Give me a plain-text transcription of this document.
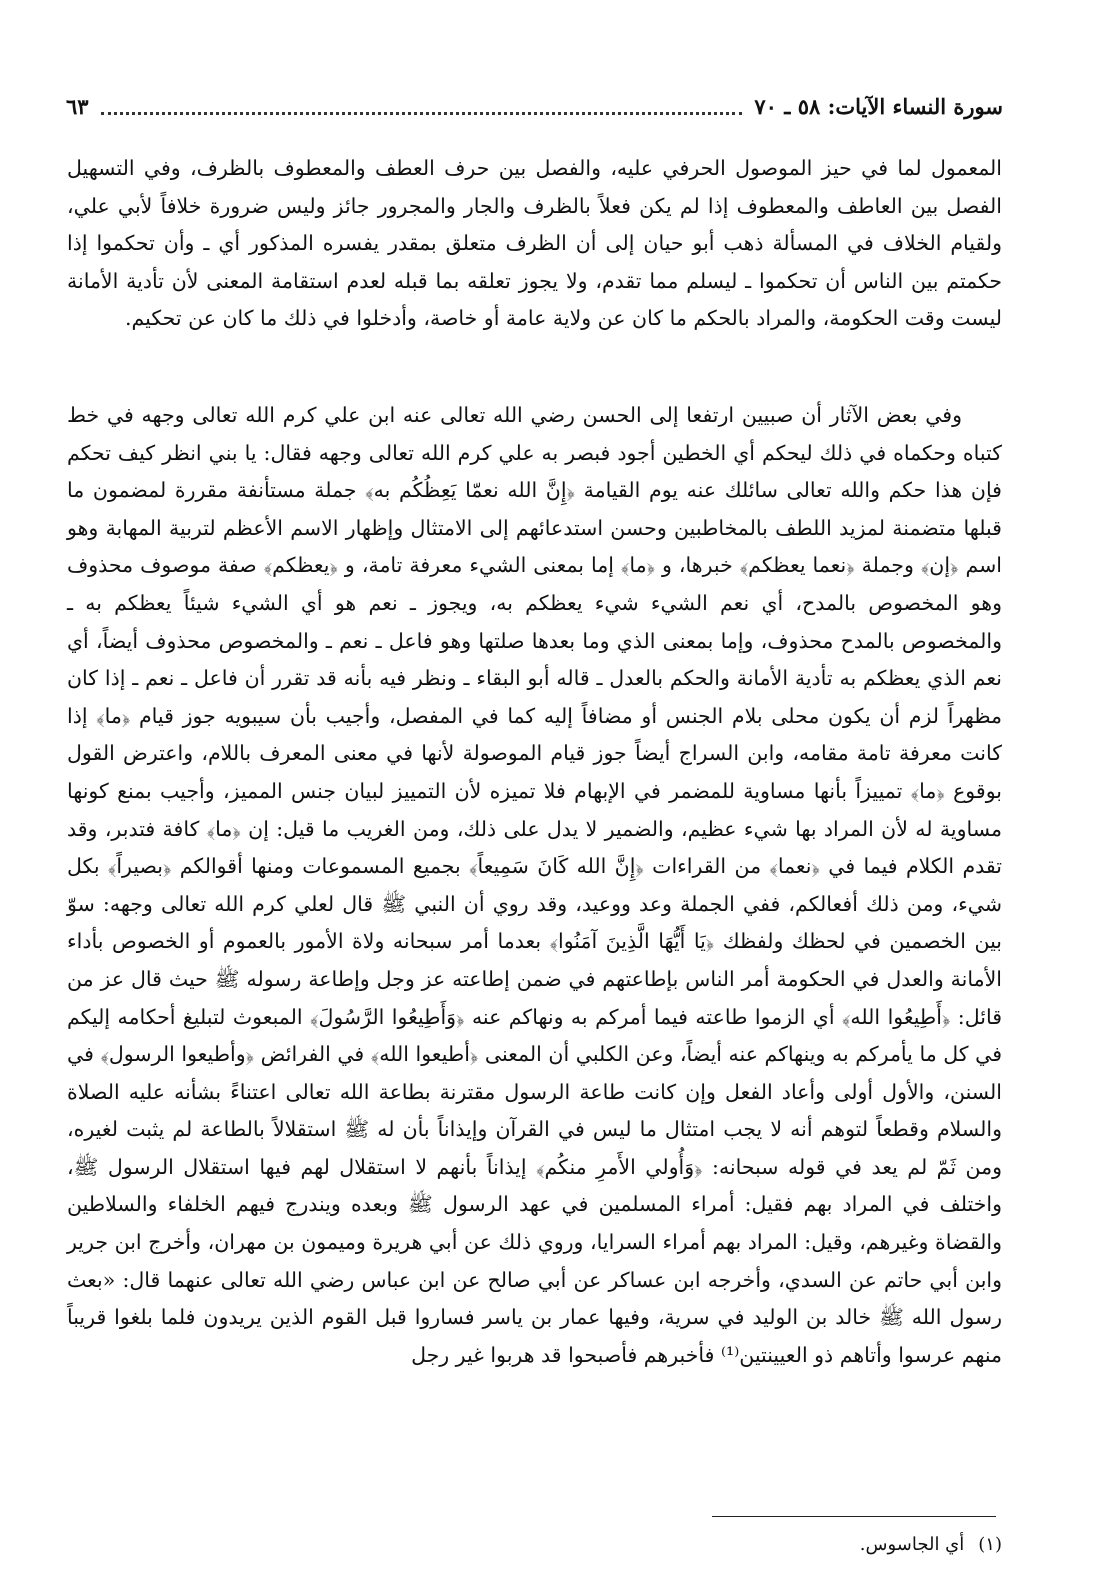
سورة النساء الآيات: ٥٨ ـ ٧٠
٦٣

المعمول لما في حيز الموصول الحرفي عليه، والفصل بين حرف العطف والمعطوف بالظرف، وفي التسهيل الفصل بين العاطف والمعطوف إذا لم يكن فعلاً بالظرف والجار والمجرور جائز وليس ضرورة خلافاً لأبي علي، ولقيام الخلاف في المسألة ذهب أبو حيان إلى أن الظرف متعلق بمقدر يفسره المذكور أي ـ وأن تحكموا إذا حكمتم بين الناس أن تحكموا ـ ليسلم مما تقدم، ولا يجوز تعلقه بما قبله لعدم استقامة المعنى لأن تأدية الأمانة ليست وقت الحكومة، والمراد بالحكم ما كان عن ولاية عامة أو خاصة، وأدخلوا في ذلك ما كان عن تحكيم.

وفي بعض الآثار أن صبيين ارتفعا إلى الحسن رضي الله تعالى عنه ابن علي كرم الله تعالى وجهه في خط كتباه وحكماه في ذلك ليحكم أي الخطين أجود فبصر به علي كرم الله تعالى وجهه فقال: يا بني انظر كيف تحكم فإن هذا حكم والله تعالى سائلك عنه يوم القيامة ﴿إِنَّ الله نعمّا يَعِظُكُم به﴾ جملة مستأنفة مقررة لمضمون ما قبلها متضمنة لمزيد اللطف بالمخاطبين وحسن استدعائهم إلى الامتثال وإظهار الاسم الأعظم لتربية المهابة وهو اسم ﴿إن﴾ وجملة ﴿نعما يعظكم﴾ خبرها، و ﴿ما﴾ إما بمعنى الشيء معرفة تامة، و ﴿يعظكم﴾ صفة موصوف محذوف وهو المخصوص بالمدح، أي نعم الشيء شيء يعظكم به، ويجوز ـ نعم هو أي الشيء شيئاً يعظكم به ـ والمخصوص بالمدح محذوف، وإما بمعنى الذي وما بعدها صلتها وهو فاعل ـ نعم ـ والمخصوص محذوف أيضاً، أي نعم الذي يعظكم به تأدية الأمانة والحكم بالعدل ـ قاله أبو البقاء ـ ونظر فيه بأنه قد تقرر أن فاعل ـ نعم ـ إذا كان مظهراً لزم أن يكون محلى بلام الجنس أو مضافاً إليه كما في المفصل، وأجيب بأن سيبويه جوز قيام ﴿ما﴾ إذا كانت معرفة تامة مقامه، وابن السراج أيضاً جوز قيام الموصولة لأنها في معنى المعرف باللام، واعترض القول بوقوع ﴿ما﴾ تمييزاً بأنها مساوية للمضمر في الإبهام فلا تميزه لأن التمييز لبيان جنس المميز، وأجيب بمنع كونها مساوية له لأن المراد بها شيء عظيم، والضمير لا يدل على ذلك، ومن الغريب ما قيل: إن ﴿ما﴾ كافة فتدبر، وقد تقدم الكلام فيما في ﴿نعما﴾ من القراءات ﴿إِنَّ الله كَانَ سَمِيعاً﴾ بجميع المسموعات ومنها أقوالكم ﴿بصيراً﴾ بكل شيء، ومن ذلك أفعالكم، ففي الجملة وعد ووعيد، وقد روي أن النبي ﷺ قال لعلي كرم الله تعالى وجهه: سوّ بين الخصمين في لحظك ولفظك ﴿يَا أَيُّهَا الَّذِينَ آمَنُوا﴾ بعدما أمر سبحانه ولاة الأمور بالعموم أو الخصوص بأداء الأمانة والعدل في الحكومة أمر الناس بإطاعتهم في ضمن إطاعته عز وجل وإطاعة رسوله ﷺ حيث قال عز من قائل: ﴿أَطِيعُوا الله﴾ أي الزموا طاعته فيما أمركم به ونهاكم عنه ﴿وَأَطِيعُوا الرَّسُولَ﴾ المبعوث لتبليغ أحكامه إليكم في كل ما يأمركم به وينهاكم عنه أيضاً، وعن الكلبي أن المعنى ﴿أطيعوا الله﴾ في الفرائض ﴿وأطيعوا الرسول﴾ في السنن، والأول أولى وأعاد الفعل وإن كانت طاعة الرسول مقترنة بطاعة الله تعالى اعتناءً بشأنه عليه الصلاة والسلام وقطعاً لتوهم أنه لا يجب امتثال ما ليس في القرآن وإيذاناً بأن له ﷺ استقلالاً بالطاعة لم يثبت لغيره، ومن ثَمّ لم يعد في قوله سبحانه: ﴿وَأُولي الأَمرِ منكُم﴾ إيذاناً بأنهم لا استقلال لهم فيها استقلال الرسول ﷺ، واختلف في المراد بهم فقيل: أمراء المسلمين في عهد الرسول ﷺ وبعده ويندرج فيهم الخلفاء والسلاطين والقضاة وغيرهم، وقيل: المراد بهم أمراء السرايا، وروي ذلك عن أبي هريرة وميمون بن مهران، وأخرج ابن جرير وابن أبي حاتم عن السدي، وأخرجه ابن عساكر عن أبي صالح عن ابن عباس رضي الله تعالى عنهما قال: «بعث رسول الله ﷺ خالد بن الوليد في سرية، وفيها عمار بن ياسر فساروا قبل القوم الذين يريدون فلما بلغوا قريباً منهم عرسوا وأتاهم ذو العيينتين⁽¹⁾ فأخبرهم فأصبحوا قد هربوا غير رجل

(١)
أي الجاسوس.
